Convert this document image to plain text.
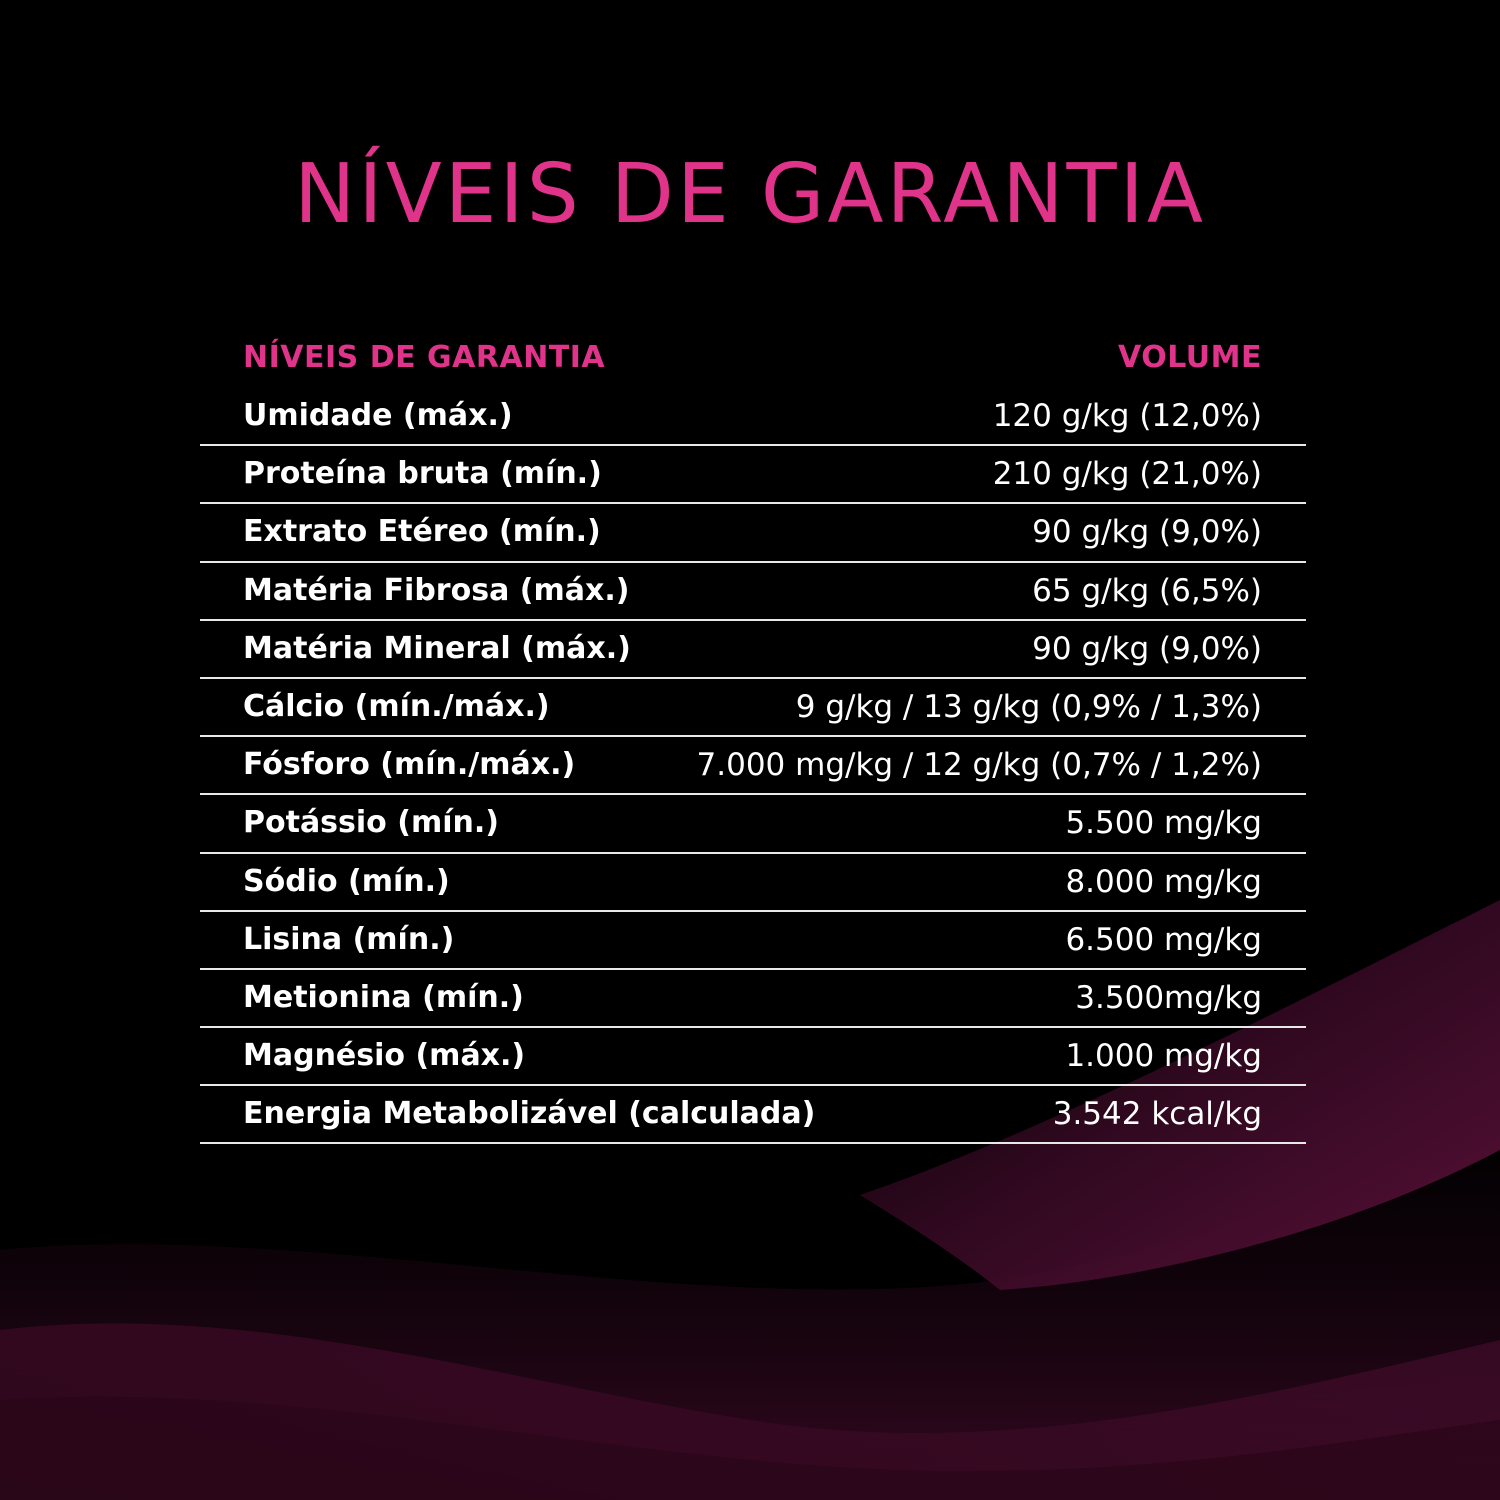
NÍVEIS DE GARANTIA
NÍVEIS DE GARANTIA	VOLUME
Umidade (máx.)	120 g/kg (12,0%)
Proteína bruta (mín.)	210 g/kg (21,0%)
Extrato Etéreo (mín.)	90 g/kg (9,0%)
Matéria Fibrosa (máx.)	65 g/kg (6,5%)
Matéria Mineral (máx.)	90 g/kg (9,0%)
Cálcio (mín./máx.)	9 g/kg / 13 g/kg (0,9% / 1,3%)
Fósforo (mín./máx.)	7.000 mg/kg / 12 g/kg (0,7% / 1,2%)
Potássio (mín.)	5.500 mg/kg
Sódio (mín.)	8.000 mg/kg
Lisina (mín.)	6.500 mg/kg
Metionina (mín.)	3.500mg/kg
Magnésio (máx.)	1.000 mg/kg
Energia Metabolizável (calculada)	3.542 kcal/kg
